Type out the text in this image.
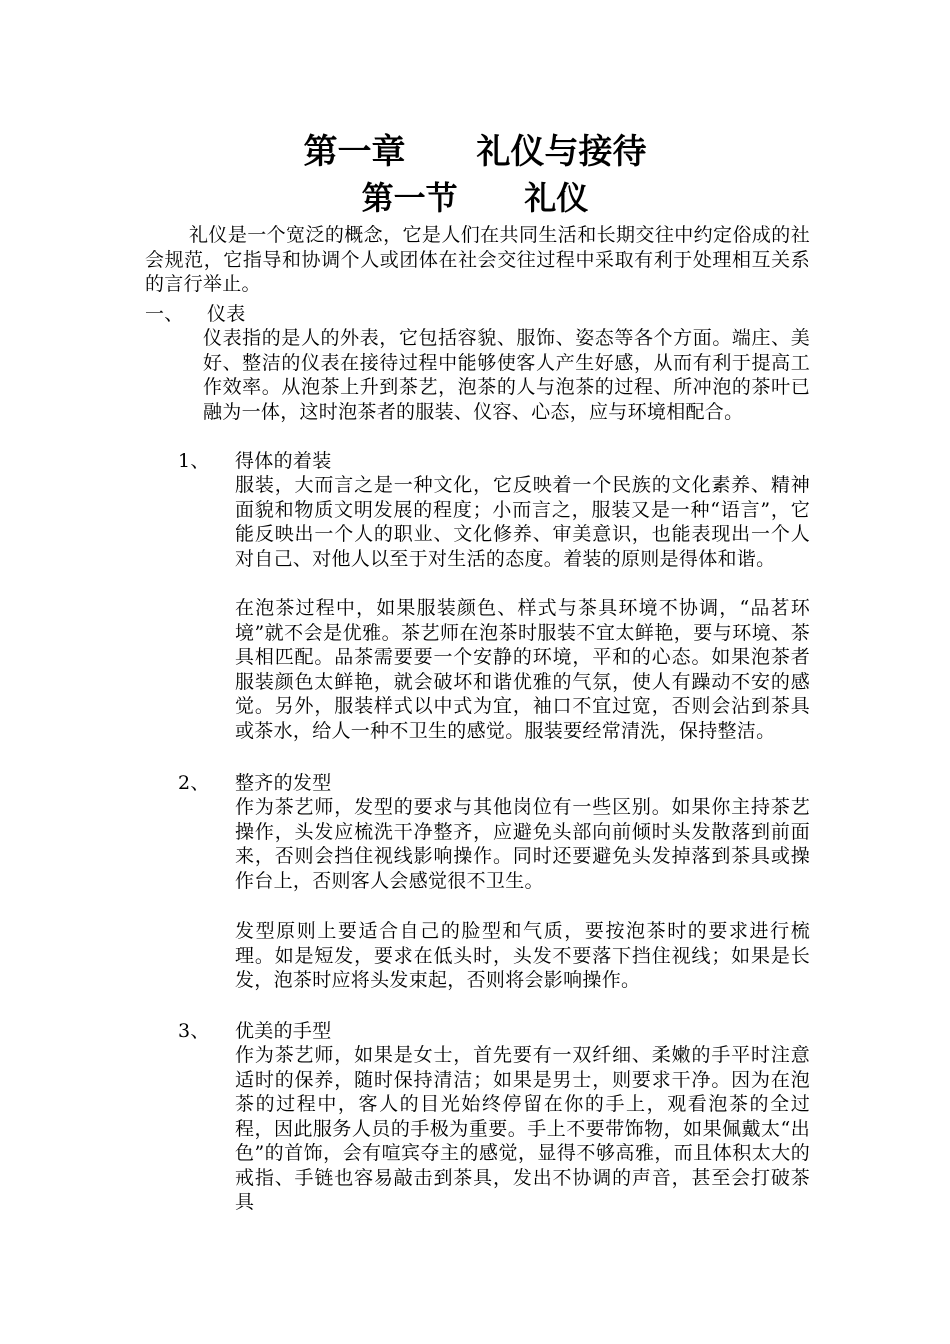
第一章      礼仪与接待
第一节      礼仪

礼仪是一个宽泛的概念，它是人们在共同生活和长期交往中约定俗成的社会规范，它指导和协调个人或团体在社会交往过程中采取有利于处理相互关系的言行举止。

一、 仪表

仪表指的是人的外表，它包括容貌、服饰、姿态等各个方面。端庄、美好、整洁的仪表在接待过程中能够使客人产生好感，从而有利于提高工作效率。从泡茶上升到茶艺，泡茶的人与泡茶的过程、所冲泡的茶叶已融为一体，这时泡茶者的服装、仪容、心态，应与环境相配合。

1、 得体的着装

服装，大而言之是一种文化，它反映着一个民族的文化素养、精神面貌和物质文明发展的程度；小而言之，服装又是一种“语言”，它能反映出一个人的职业、文化修养、审美意识，也能表现出一个人对自己、对他人以至于对生活的态度。着装的原则是得体和谐。

在泡茶过程中，如果服装颜色、样式与茶具环境不协调，“品茗环境”就不会是优雅。茶艺师在泡茶时服装不宜太鲜艳，要与环境、茶具相匹配。品茶需要要一个安静的环境，平和的心态。如果泡茶者服装颜色太鲜艳，就会破坏和谐优雅的气氛，使人有躁动不安的感觉。另外，服装样式以中式为宜，袖口不宜过宽，否则会沾到茶具或茶水，给人一种不卫生的感觉。服装要经常清洗，保持整洁。

2、 整齐的发型

作为茶艺师，发型的要求与其他岗位有一些区别。如果你主持茶艺操作，头发应梳洗干净整齐，应避免头部向前倾时头发散落到前面来，否则会挡住视线影响操作。同时还要避免头发掉落到茶具或操作台上，否则客人会感觉很不卫生。

发型原则上要适合自己的脸型和气质，要按泡茶时的要求进行梳理。如是短发，要求在低头时，头发不要落下挡住视线；如果是长发，泡茶时应将头发束起，否则将会影响操作。

3、 优美的手型

作为茶艺师，如果是女士，首先要有一双纤细、柔嫩的手平时注意适时的保养，随时保持清洁；如果是男士，则要求干净。因为在泡茶的过程中，客人的目光始终停留在你的手上，观看泡茶的全过程，因此服务人员的手极为重要。手上不要带饰物，如果佩戴太“出色”的首饰，会有喧宾夺主的感觉，显得不够高雅，而且体积太大的戒指、手链也容易敲击到茶具，发出不协调的声音，甚至会打破茶具
